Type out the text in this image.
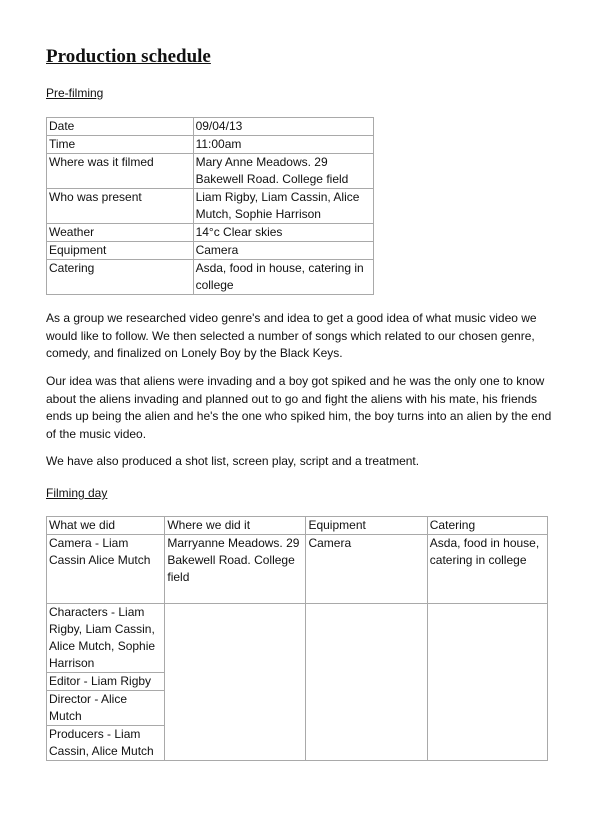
Production schedule
Pre-filming
Date	09/04/13
Time	11:00am
Where was it filmed	Mary Anne Meadows. 29 Bakewell Road. College field
Who was present	Liam Rigby, Liam Cassin, Alice Mutch, Sophie Harrison
Weather	14°c Clear skies
Equipment	Camera
Catering	Asda, food in house, catering in college

As a group we researched video genre's and idea to get a good idea of what music video we would like to follow. We then selected a number of songs which related to our chosen genre, comedy, and finalized on Lonely Boy by the Black Keys.

Our idea was that aliens were invading and a boy got spiked and he was the only one to know about the aliens invading and planned out to go and fight the aliens with his mate, his friends ends up being the alien and he's the one who spiked him, the boy turns into an alien by the end of the music video.

We have also produced a shot list, screen play, script and a treatment.

Filming day
What we did	Where we did it	Equipment	Catering
Camera - Liam Cassin Alice Mutch	Marryanne Meadows. 29 Bakewell Road. College field	Camera	Asda, food in house, catering in college

Characters - Liam Rigby, Liam Cassin, Alice Mutch, Sophie Harrison
Editor - Liam Rigby
Director - Alice Mutch
Producers - Liam Cassin, Alice Mutch			
